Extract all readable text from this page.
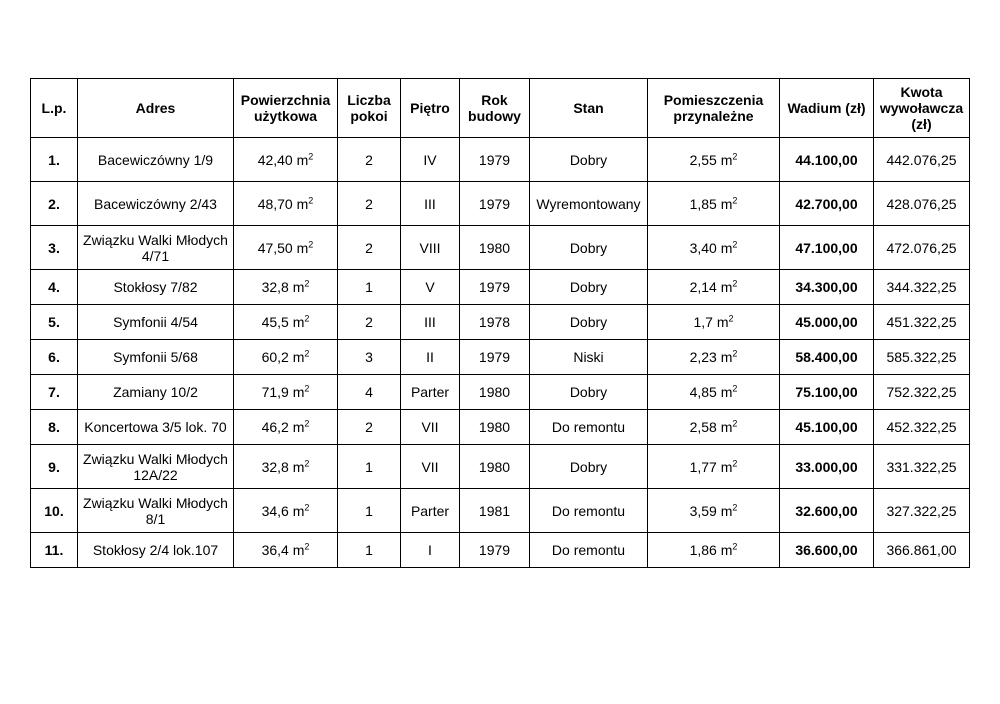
L.p.	Adres	Powierzchnia użytkowa	Liczba pokoi	Piętro	Rok budowy	Stan	Pomieszczenia przynależne	Wadium (zł)	Kwota wywoławcza (zł)
1.	Bacewiczówny 1/9	42,40 $m^2$	2	IV	1979	Dobry	2,55 $m^2$	44.100,00	442.076,25
2.	Bacewiczówny 2/43	48,70 $m^2$	2	III	1979	Wyremontowany	1,85 $m^2$	42.700,00	428.076,25
3.	Związku Walki Młodych 4/71	47,50 $m^2$	2	VIII	1980	Dobry	3,40 $m^2$	47.100,00	472.076,25
4.	Stokłosy 7/82	32,8 $m^2$	1	V	1979	Dobry	2,14 $m^2$	34.300,00	344.322,25
5.	Symfonii 4/54	45,5 $m^2$	2	III	1978	Dobry	1,7 $m^2$	45.000,00	451.322,25
6.	Symfonii 5/68	60,2 $m^2$	3	II	1979	Niski	2,23 $m^2$	58.400,00	585.322,25
7.	Zamiany 10/2	71,9 $m^2$	4	Parter	1980	Dobry	4,85 $m^2$	75.100,00	752.322,25
8.	Koncertowa 3/5 lok. 70	46,2 $m^2$	2	VII	1980	Do remontu	2,58 $m^2$	45.100,00	452.322,25
9.	Związku Walki Młodych 12A/22	32,8 $m^2$	1	VII	1980	Dobry	1,77 $m^2$	33.000,00	331.322,25
10.	Związku Walki Młodych 8/1	34,6 $m^2$	1	Parter	1981	Do remontu	3,59 $m^2$	32.600,00	327.322,25
11.	Stokłosy 2/4 lok.107	36,4 $m^2$	1	I	1979	Do remontu	1,86 $m^2$	36.600,00	366.861,00
